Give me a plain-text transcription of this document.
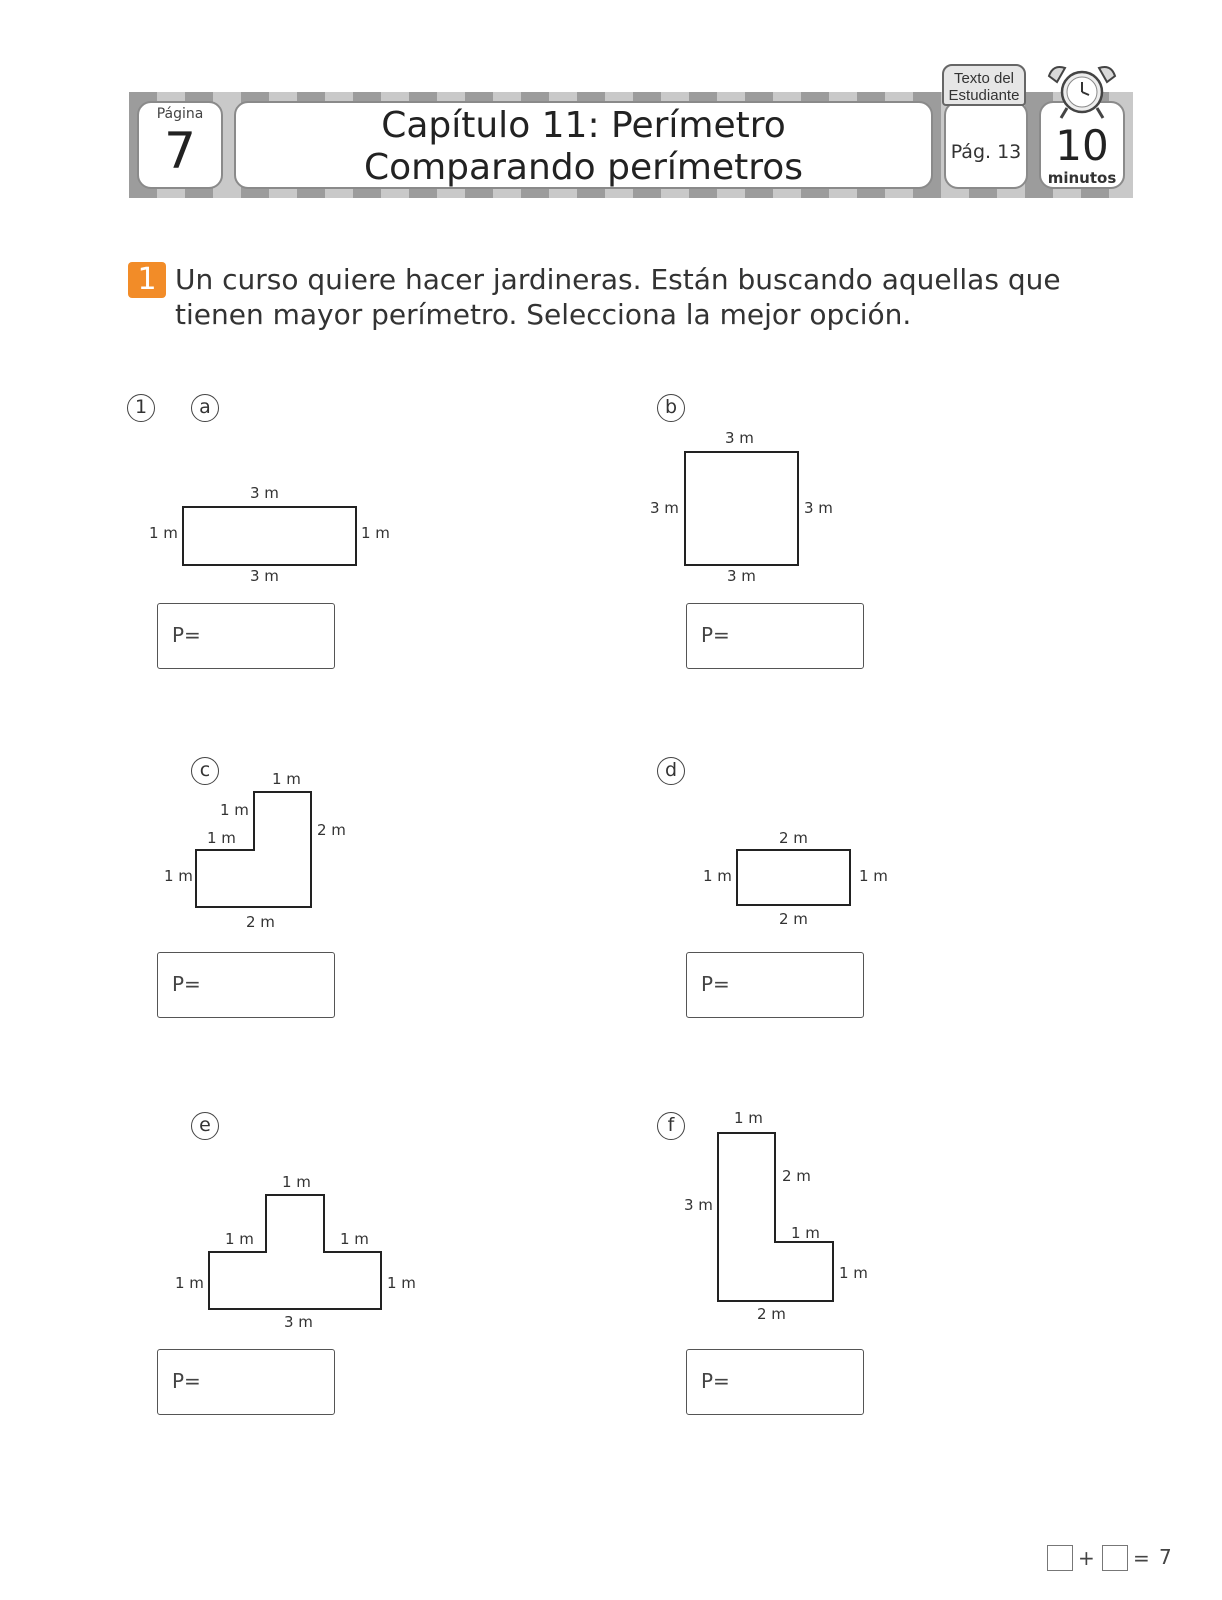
Página
7	Capítulo 11: Perímetro
Comparando perímetros	Pág. 13
Texto del
Estudiante
10
minutos
1 Un curso quiere hacer jardineras. Están buscando aquellas que tienen mayor perímetro. Selecciona la mejor opción.
1	a
3 m
1 m	1 m
3 m
P=
b
3 m
3 m	3 m
3 m
P=
c	1 m
1 m
1 m	2 m
1 m
2 m
P=
d
2 m
1 m	1 m
2 m
P=
e
1 m
1 m	1 m
1 m	1 m
3 m
P=
f	1 m
2 m
3 m
1 m
1 m
2 m
P=
+ = 7
